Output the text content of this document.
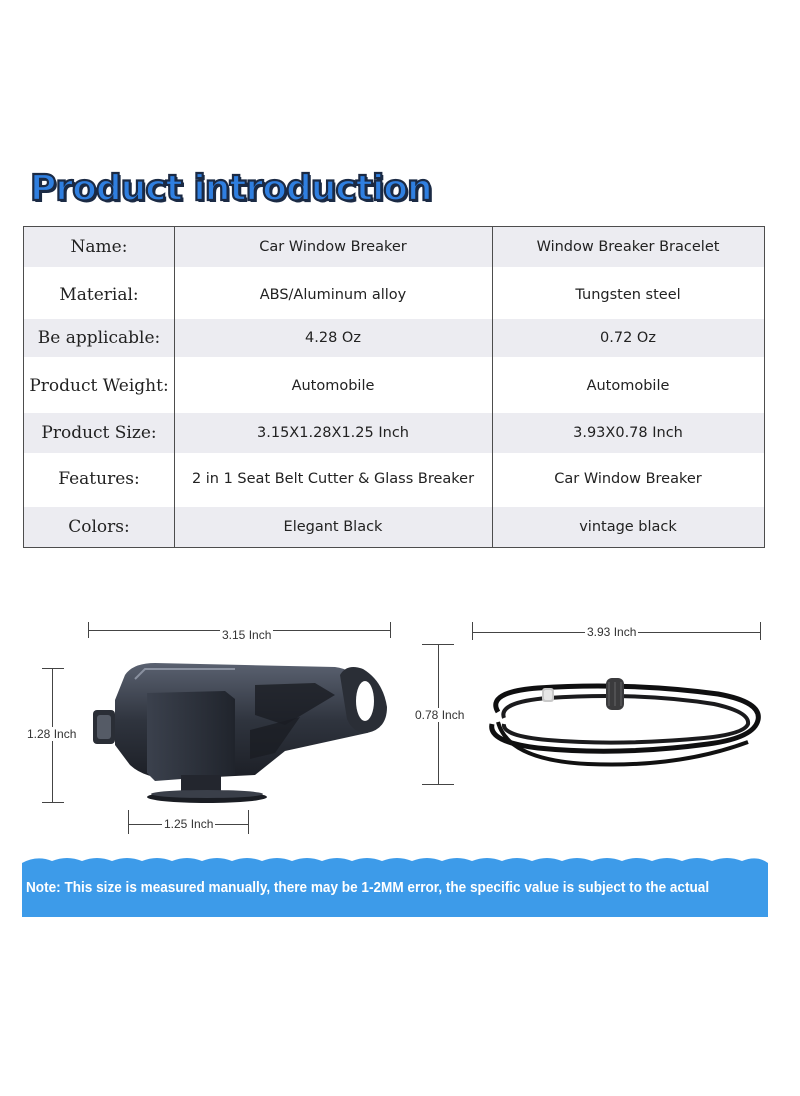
Product introduction
Name:	Car Window Breaker	Window Breaker Bracelet
Material:	ABS/Aluminum alloy	Tungsten steel
Be applicable:	4.28 Oz	0.72 Oz
Product Weight:	Automobile	Automobile
Product Size:	3.15X1.28X1.25 Inch	3.93X0.78 Inch
Features:	2 in 1 Seat Belt Cutter & Glass Breaker	Car Window Breaker
Colors:	Elegant Black	vintage black
3.15 Inch
1.28 Inch
1.25 Inch
3.93 Inch
0.78 Inch
Note: This size is measured manually, there may be 1-2MM error, the specific value is subject to the actual
